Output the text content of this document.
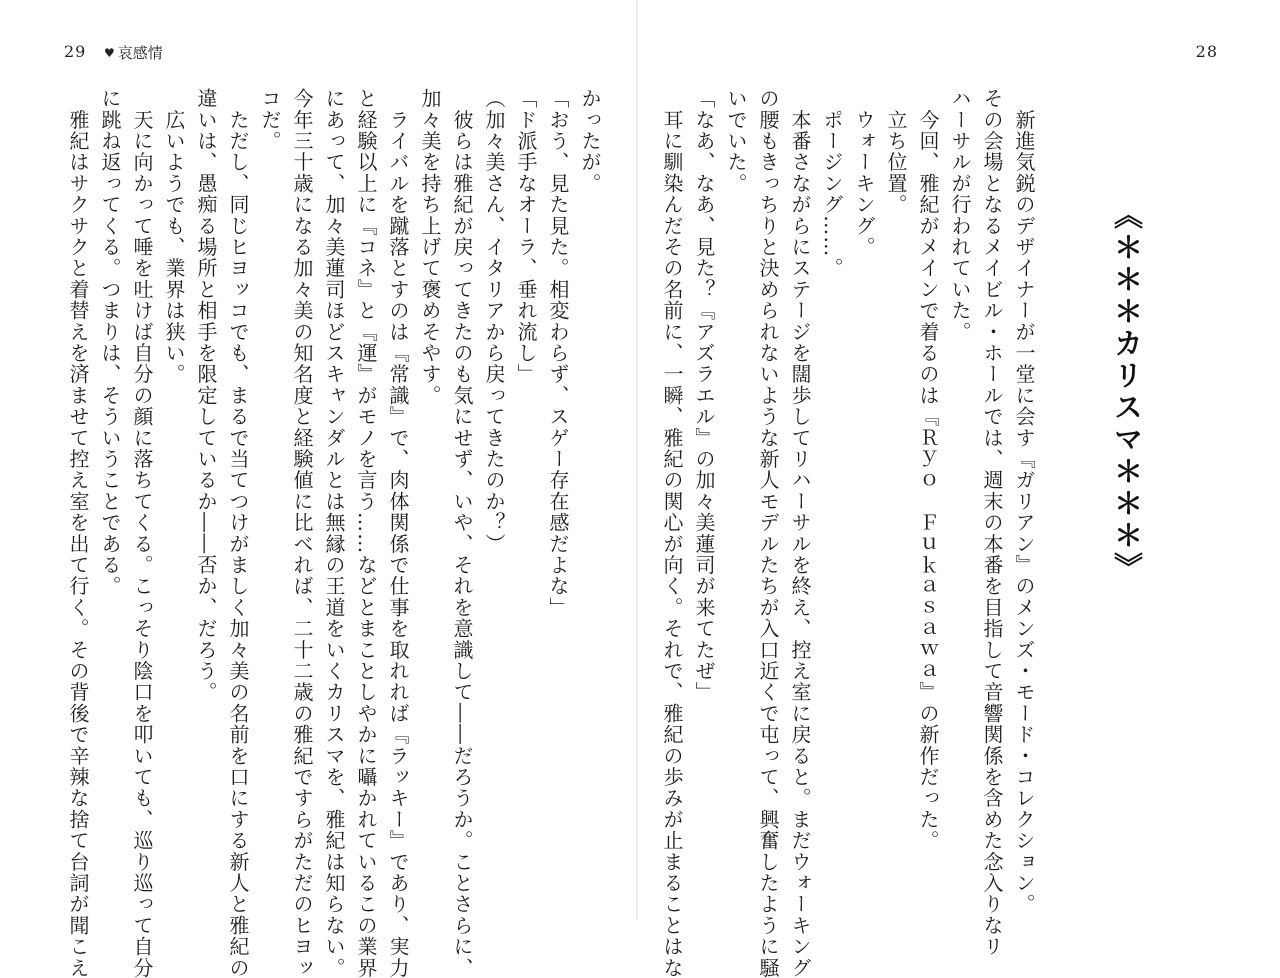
29 ♥ 哀感情
かったが。
「おう、見た見た。相変わらず、スゲー存在感だよな」
「ド派手なオーラ、垂れ流し」
（加々美さん、イタリアから戻ってきたのか？）
　彼らは雅紀が戻ってきたのも気にせず、いや、それを意識して――だろうか。ことさらに、
加々美を持ち上げて褒めそやす。
　ライバルを蹴落とすのは『常識』で、肉体関係で仕事を取れれば『ラッキー』であり、実力
と経験以上に『コネ』と『運』がモノを言う……などとまことしやかに囁かれているこの業界
にあって、加々美蓮司ほどスキャンダルとは無縁の王道をいくカリスマを、雅紀は知らない。
今年三十歳になる加々美の知名度と経験値に比べれば、二十二歳の雅紀ですらがただのヒヨッ
コだ。
　ただし、同じヒヨッコでも、まるで当てつけがましく加々美の名前を口にする新人と雅紀の
違いは、愚痴る場所と相手を限定しているか――否か、だろう。
　広いようでも、業界は狭い。
　天に向かって唾を吐けば自分の顔に落ちてくる。こっそり陰口を叩いても、巡り巡って自分
に跳ね返ってくる。つまりは、そういうことである。
　雅紀はサクサクと着替えを済ませて控え室を出て行く。その背後で辛辣な捨て台詞が聞こえ
28
《＊＊＊カリスマ＊＊＊》
　新進気鋭のデザイナーが一堂に会す『ガリアン』のメンズ・モード・コレクション。
その会場となるメイビル・ホールでは、週末の本番を目指して音響関係を含めた念入りなリ
ハーサルが行われていた。
　今回、雅紀がメインで着るのは『Ｒｙｏ　Ｆｕｋａｓａｗａ』の新作だった。
　立ち位置。
　ウォーキング。
　ポージング……。
　本番さながらにステージを闊歩してリハーサルを終え、控え室に戻ると。まだウォーキング
の腰もきっちりと決められないような新人モデルたちが入口近くで屯って、興奮したように騒
いでいた。
「なあ、なあ、見た？『アズラエル』の加々美蓮司が来てたぜ」
　耳に馴染んだその名前に、一瞬、雅紀の関心が向く。それで、雅紀の歩みが止まることはな
